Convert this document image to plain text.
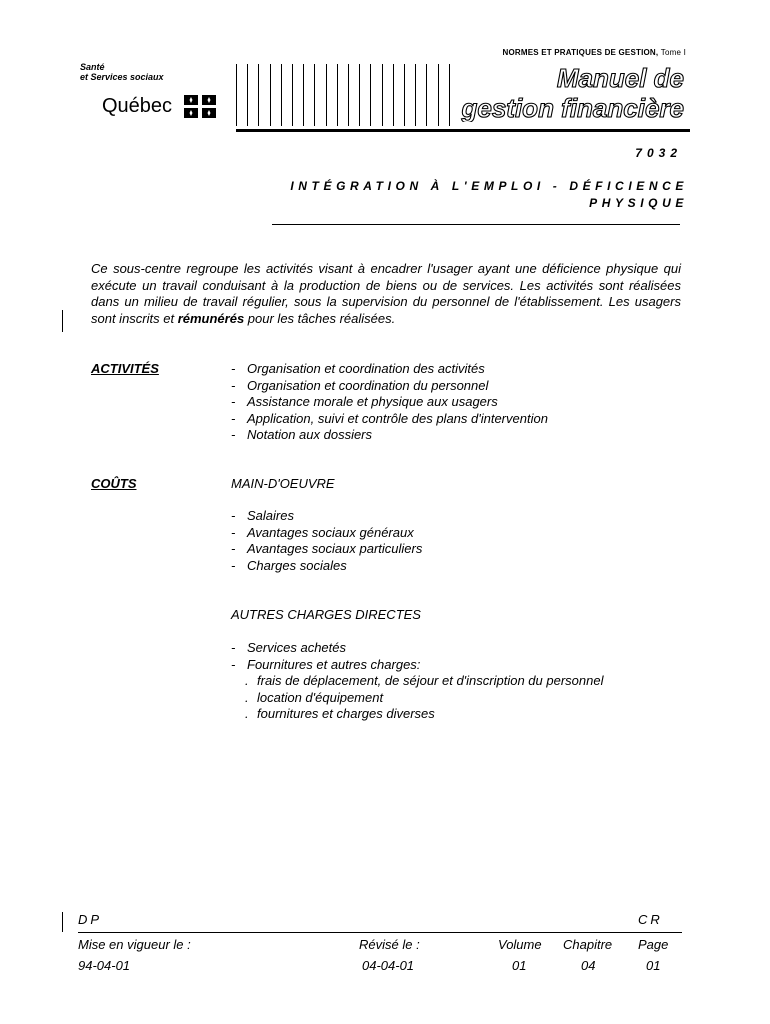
NORMES ET PRATIQUES DE GESTION, Tome I
Santé
et Services sociaux
Québec
Manuel de
gestion financière
7032
INTÉGRATION À L'EMPLOI - DÉFICIENCE
PHYSIQUE
Ce sous-centre regroupe les activités visant à encadrer l'usager ayant une déficience physique qui exécute un travail conduisant à la production de biens ou de services. Les activités sont réalisées dans un milieu de travail régulier, sous la supervision du personnel de l'établissement. Les usagers sont inscrits et rémunérés pour les tâches réalisées.
ACTIVITÉS	- Organisation et coordination des activités
- Organisation et coordination du personnel
- Assistance morale et physique aux usagers
- Application, suivi et contrôle des plans d'intervention
- Notation aux dossiers
COÛTS	MAIN-D'OEUVRE
- Salaires
- Avantages sociaux généraux
- Avantages sociaux particuliers
- Charges sociales
AUTRES CHARGES DIRECTES
- Services achetés
- Fournitures et autres charges:
. frais de déplacement, de séjour et d'inscription du personnel
. location d'équipement
. fournitures et charges diverses
DP	CR
Mise en vigueur le :	Révisé le :	Volume Chapitre Page
94-04-01	04-04-01	01	04	01
